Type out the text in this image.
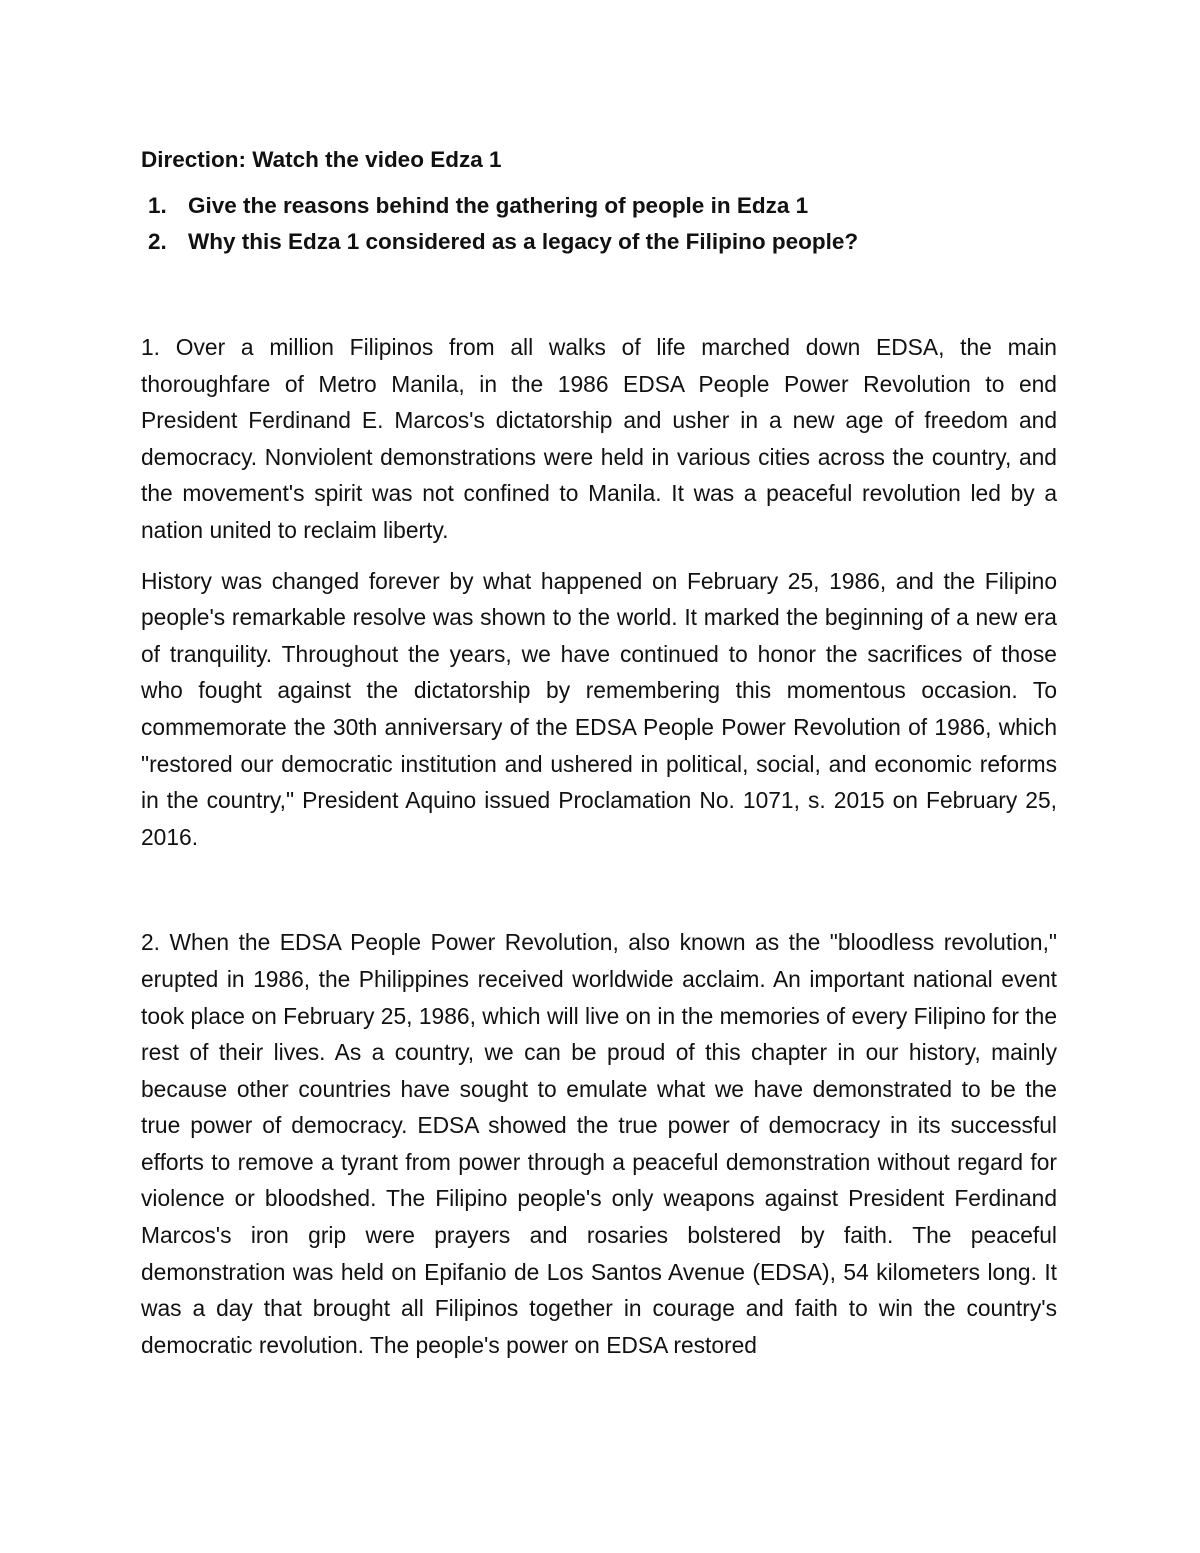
Direction: Watch the video Edza 1

1. Give the reasons behind the gathering of people in Edza 1
2. Why this Edza 1 considered as a legacy of the Filipino people?

1. Over a million Filipinos from all walks of life marched down EDSA, the main thoroughfare of Metro Manila, in the 1986 EDSA People Power Revolution to end President Ferdinand E. Marcos's dictatorship and usher in a new age of freedom and democracy. Nonviolent demonstrations were held in various cities across the country, and the movement's spirit was not confined to Manila. It was a peaceful revolution led by a nation united to reclaim liberty.

History was changed forever by what happened on February 25, 1986, and the Filipino people's remarkable resolve was shown to the world. It marked the beginning of a new era of tranquility. Throughout the years, we have continued to honor the sacrifices of those who fought against the dictatorship by remembering this momentous occasion. To commemorate the 30th anniversary of the EDSA People Power Revolution of 1986, which "restored our democratic institution and ushered in political, social, and economic reforms in the country," President Aquino issued Proclamation No. 1071, s. 2015 on February 25, 2016.

2. When the EDSA People Power Revolution, also known as the "bloodless revolution," erupted in 1986, the Philippines received worldwide acclaim. An important national event took place on February 25, 1986, which will live on in the memories of every Filipino for the rest of their lives. As a country, we can be proud of this chapter in our history, mainly because other countries have sought to emulate what we have demonstrated to be the true power of democracy. EDSA showed the true power of democracy in its successful efforts to remove a tyrant from power through a peaceful demonstration without regard for violence or bloodshed. The Filipino people's only weapons against President Ferdinand Marcos's iron grip were prayers and rosaries bolstered by faith. The peaceful demonstration was held on Epifanio de Los Santos Avenue (EDSA), 54 kilometers long. It was a day that brought all Filipinos together in courage and faith to win the country's democratic revolution. The people's power on EDSA restored
